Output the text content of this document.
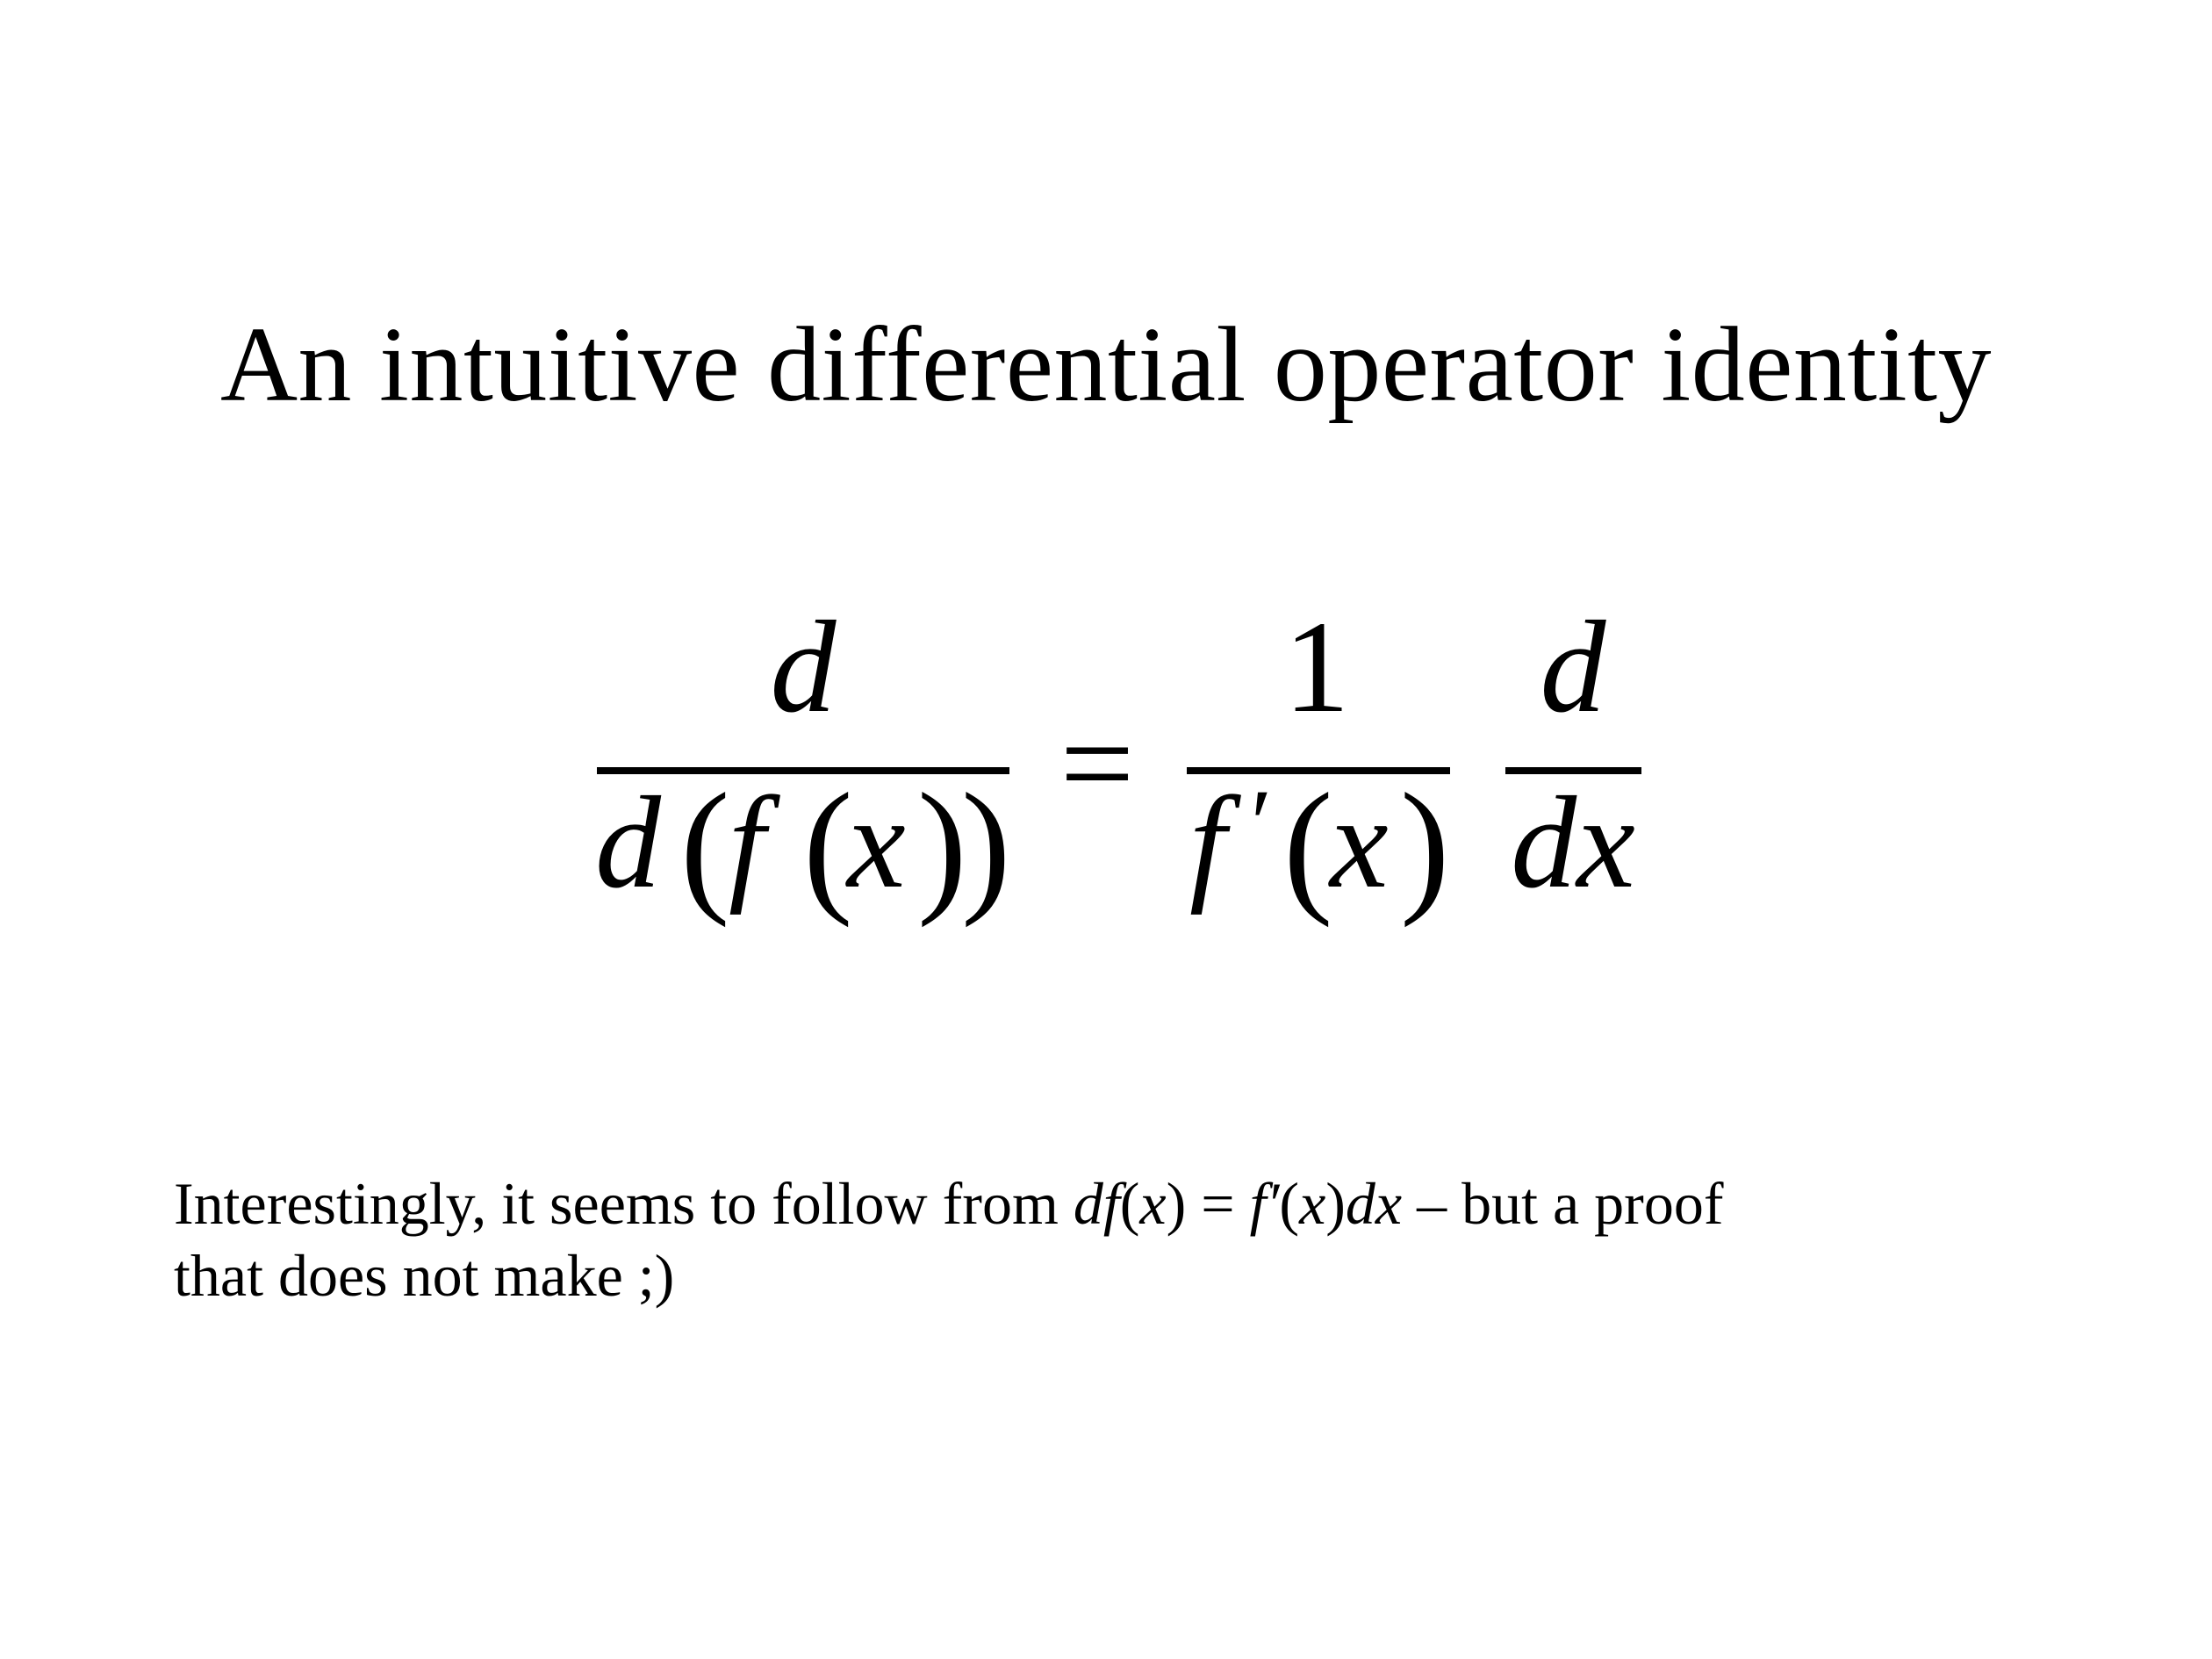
An intuitive differential operator identity
d
d (
f (
x )
) =
1
f ′ (
x )
d
dx
Interestingly, it seems to follow from df(x) = f′(x)dx – but a proof
that does not make ;)
